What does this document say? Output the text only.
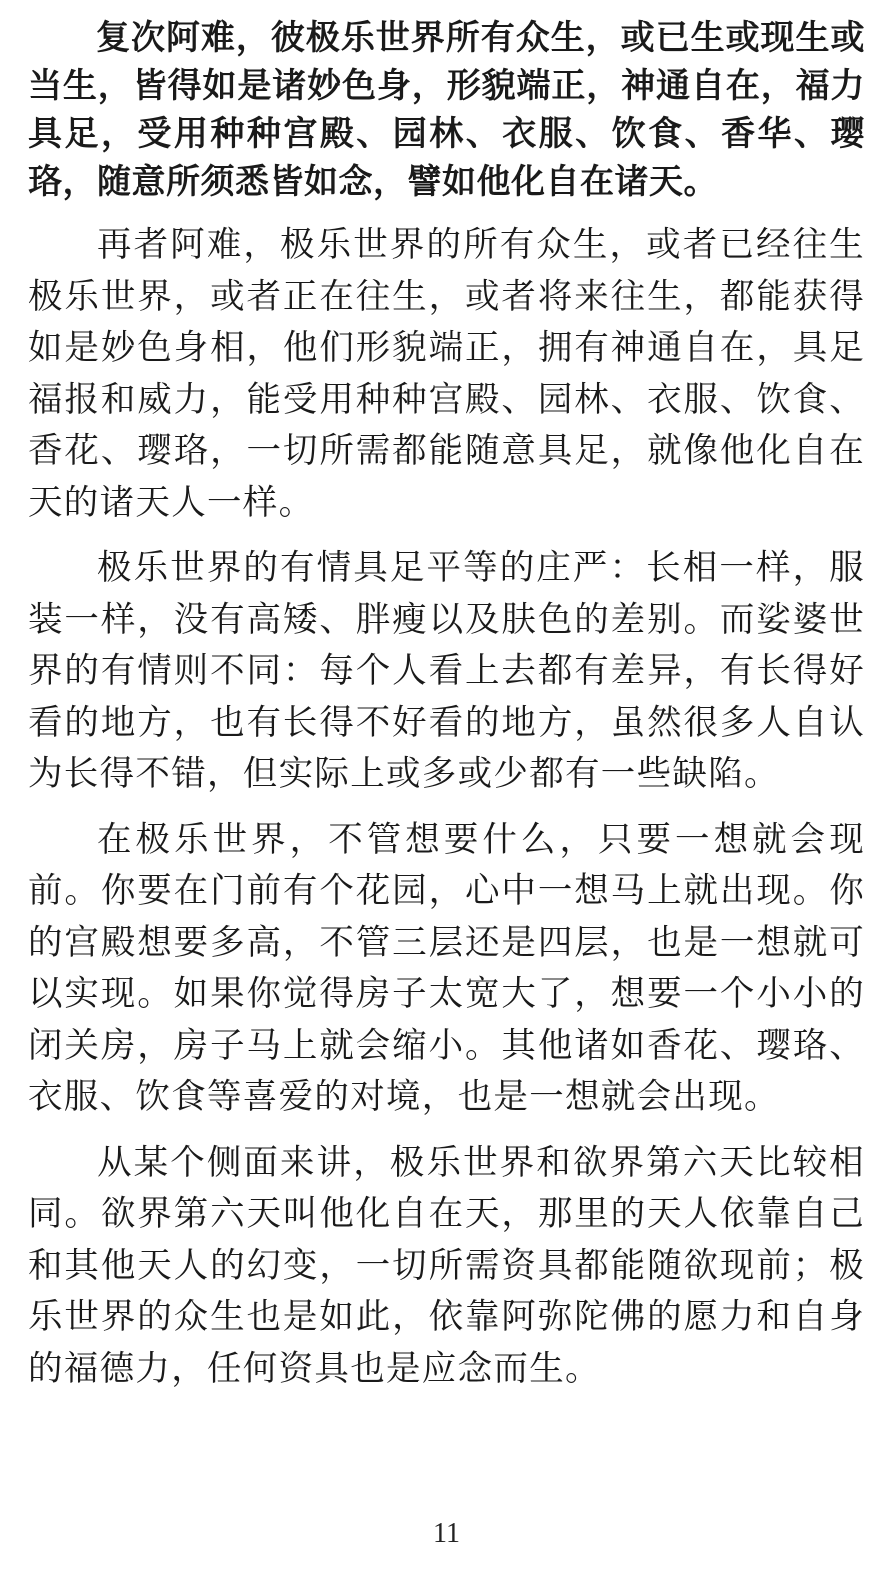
复次阿难，彼极乐世界所有众生，或已生或现生或当生，皆得如是诸妙色身，形貌端正，神通自在，福力具足，受用种种宫殿、园林、衣服、饮食、香华、璎珞，随意所须悉皆如念，譬如他化自在诸天。

再者阿难，极乐世界的所有众生，或者已经往生极乐世界，或者正在往生，或者将来往生，都能获得如是妙色身相，他们形貌端正，拥有神通自在，具足福报和威力，能受用种种宫殿、园林、衣服、饮食、香花、璎珞，一切所需都能随意具足，就像他化自在天的诸天人一样。

极乐世界的有情具足平等的庄严：长相一样，服装一样，没有高矮、胖瘦以及肤色的差别。而娑婆世界的有情则不同：每个人看上去都有差异，有长得好看的地方，也有长得不好看的地方，虽然很多人自认为长得不错，但实际上或多或少都有一些缺陷。

在极乐世界，不管想要什么，只要一想就会现前。你要在门前有个花园，心中一想马上就出现。你的宫殿想要多高，不管三层还是四层，也是一想就可以实现。如果你觉得房子太宽大了，想要一个小小的闭关房，房子马上就会缩小。其他诸如香花、璎珞、衣服、饮食等喜爱的对境，也是一想就会出现。

从某个侧面来讲，极乐世界和欲界第六天比较相同。欲界第六天叫他化自在天，那里的天人依靠自己和其他天人的幻变，一切所需资具都能随欲现前；极乐世界的众生也是如此，依靠阿弥陀佛的愿力和自身的福德力，任何资具也是应念而生。

11
